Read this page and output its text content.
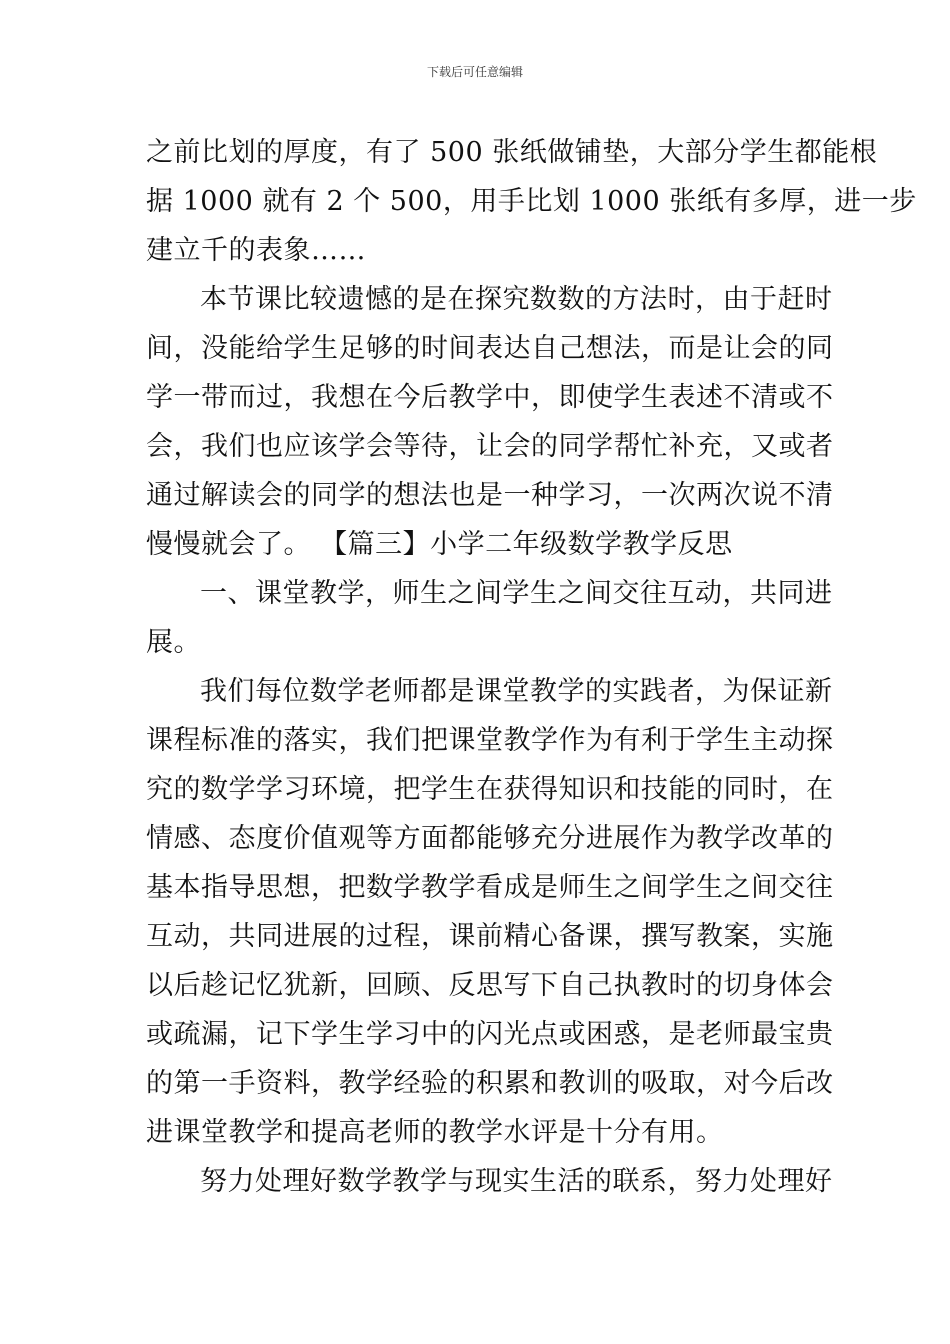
下载后可任意编辑
之前比划的厚度，有了 500 张纸做铺垫，大部分学生都能根
据 1000 就有 2 个 500，用手比划 1000 张纸有多厚，进一步
建立千的表象……
本节课比较遗憾的是在探究数数的方法时，由于赶时
间，没能给学生足够的时间表达自己想法，而是让会的同
学一带而过，我想在今后教学中，即使学生表述不清或不
会，我们也应该学会等待，让会的同学帮忙补充，又或者
通过解读会的同学的想法也是一种学习，一次两次说不清
慢慢就会了。 【篇三】小学二年级数学教学反思
一、课堂教学，师生之间学生之间交往互动，共同进
展。
我们每位数学老师都是课堂教学的实践者，为保证新
课程标准的落实，我们把课堂教学作为有利于学生主动探
究的数学学习环境，把学生在获得知识和技能的同时，在
情感、态度价值观等方面都能够充分进展作为教学改革的
基本指导思想，把数学教学看成是师生之间学生之间交往
互动，共同进展的过程，课前精心备课，撰写教案，实施
以后趁记忆犹新，回顾、反思写下自己执教时的切身体会
或疏漏，记下学生学习中的闪光点或困惑，是老师最宝贵
的第一手资料，教学经验的积累和教训的吸取，对今后改
进课堂教学和提高老师的教学水评是十分有用。
努力处理好数学教学与现实生活的联系，努力处理好
